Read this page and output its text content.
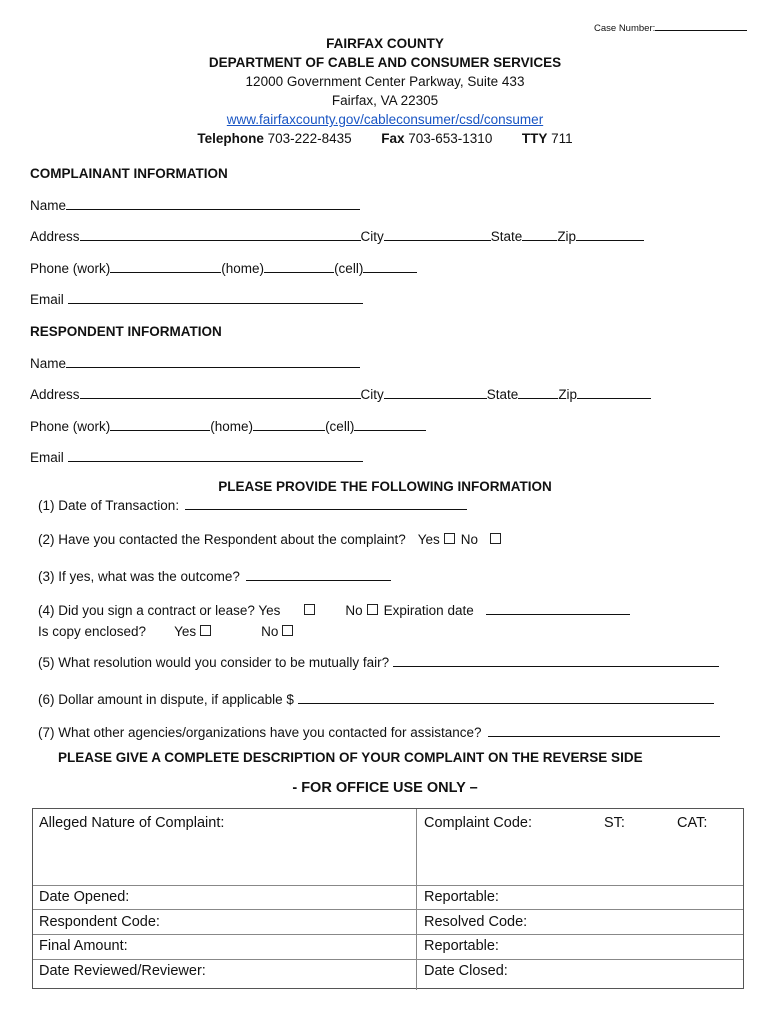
Case Number:
FAIRFAX COUNTY
DEPARTMENT OF CABLE AND CONSUMER SERVICES
12000 Government Center Parkway, Suite 433
Fairfax, VA 22305
www.fairfaxcounty.gov/cableconsumer/csd/consumer
Telephone 703-222-8435 Fax 703-653-1310 TTY 711
COMPLAINANT INFORMATION
Name
Address	City	State	Zip
Phone (work)	(home)	(cell)
Email
RESPONDENT INFORMATION
Name
Address	City	State	Zip
Phone (work)	(home)	(cell)
Email
PLEASE PROVIDE THE FOLLOWING INFORMATION
(1) Date of Transaction:
(2) Have you contacted the Respondent about the complaint? Yes No
(3) If yes, what was the outcome?
(4) Did you sign a contract or lease? Yes	No Expiration date
Is copy enclosed? Yes	No
(5) What resolution would you consider to be mutually fair?
(6) Dollar amount in dispute, if applicable $
(7) What other agencies/organizations have you contacted for assistance?
PLEASE GIVE A COMPLETE DESCRIPTION OF YOUR COMPLAINT ON THE REVERSE SIDE
- FOR OFFICE USE ONLY –
Alleged Nature of Complaint:	Complaint Code:	ST:	CAT:
Date Opened:	Reportable:
Respondent Code:	Resolved Code:
Final Amount:	Reportable:
Date Reviewed/Reviewer:	Date Closed:
